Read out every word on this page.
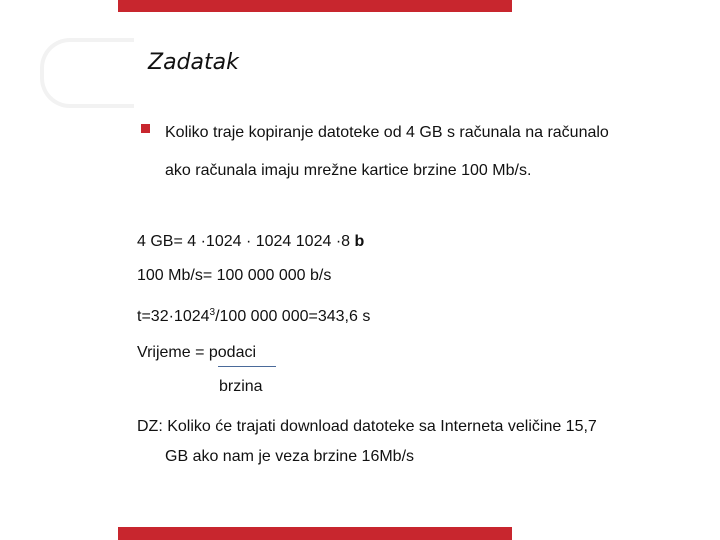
Zadatak
Koliko traje kopiranje datoteke od 4 GB s računala na računalo
ako računala imaju mrežne kartice brzine 100 Mb/s.
4 GB= 4 ·1024 · 1024 1024 ·8 b
100 Mb/s= 100 000 000 b/s
$t=32\cdot 1024^3/100$ 000 000=343,6 s
Vrijeme = podaci
brzina
DZ: Koliko će trajati download datoteke sa Interneta veličine 15,7
GB ako nam je veza brzine 16Mb/s
